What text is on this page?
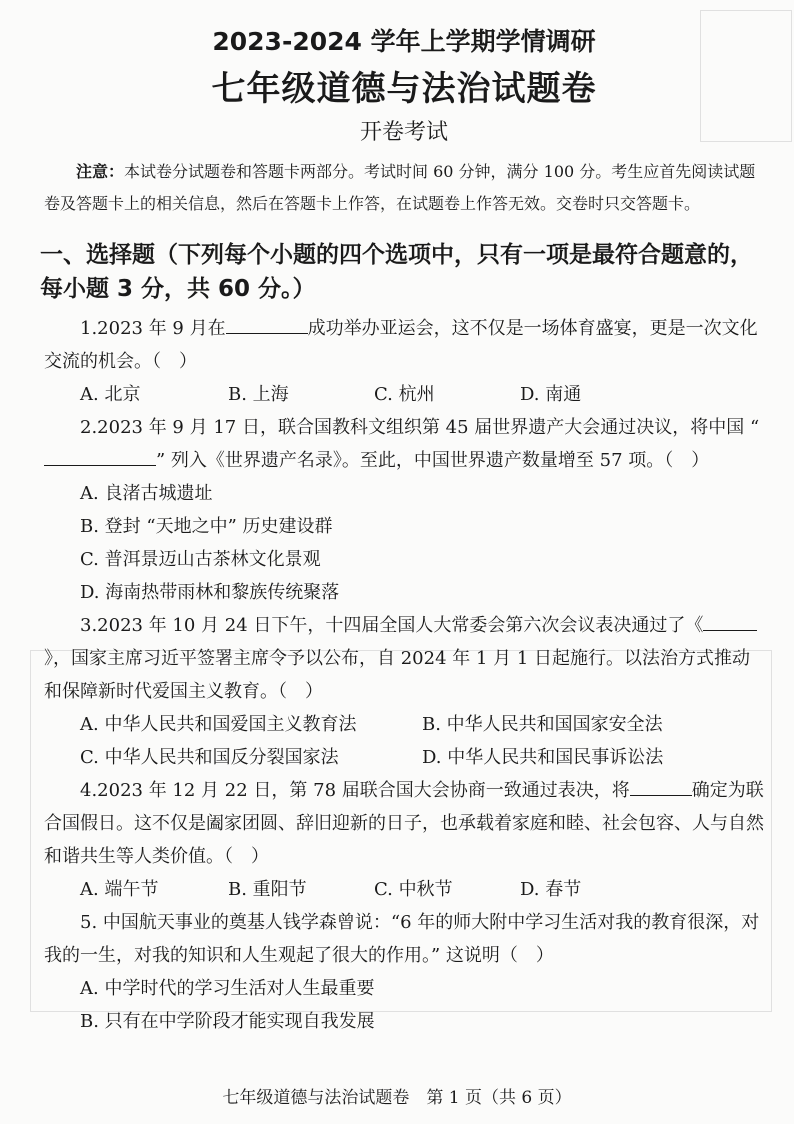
2023-2024 学年上学期学情调研
七年级道德与法治试题卷
开卷考试

注意：本试卷分试题卷和答题卡两部分。考试时间 60 分钟，满分 100 分。考生应首先阅读试题卷及答题卡上的相关信息，然后在答题卡上作答，在试题卷上作答无效。交卷时只交答题卡。

一、选择题（下列每个小题的四个选项中，只有一项是最符合题意的，每小题 3 分，共 60 分。）

1.2023 年 9 月在	成功举办亚运会，这不仅是一场体育盛宴，更是一次文化交流的机会。（　）

A. 北京	B. 上海	C. 杭州	D. 南通

2.2023 年 9 月 17 日，联合国教科文组织第 45 届世界遗产大会通过决议，将中国 “” 列入《世界遗产名录》。至此，中国世界遗产数量增至 57 项。（　）

A. 良渚古城遗址

B. 登封 “天地之中” 历史建设群

C. 普洱景迈山古茶林文化景观

D. 海南热带雨林和黎族传统聚落

3.2023 年 10 月 24 日下午，十四届全国人大常委会第六次会议表决通过了《》，国家主席习近平签署主席令予以公布，自 2024 年 1 月 1 日起施行。以法治方式推动和保障新时代爱国主义教育。（　）

A. 中华人民共和国爱国主义教育法	B. 中华人民共和国国家安全法
C. 中华人民共和国反分裂国家法	D. 中华人民共和国民事诉讼法

4.2023 年 12 月 22 日，第 78 届联合国大会协商一致通过表决，将	确定为联合国假日。这不仅是阖家团圆、辞旧迎新的日子，也承载着家庭和睦、社会包容、人与自然和谐共生等人类价值。（　）

A. 端午节	B. 重阳节	C. 中秋节	D. 春节

5. 中国航天事业的奠基人钱学森曾说：“6 年的师大附中学习生活对我的教育很深，对我的一生，对我的知识和人生观起了很大的作用。” 这说明（　）

A. 中学时代的学习生活对人生最重要

B. 只有在中学阶段才能实现自我发展

七年级道德与法治试题卷　第 1 页（共 6 页）
